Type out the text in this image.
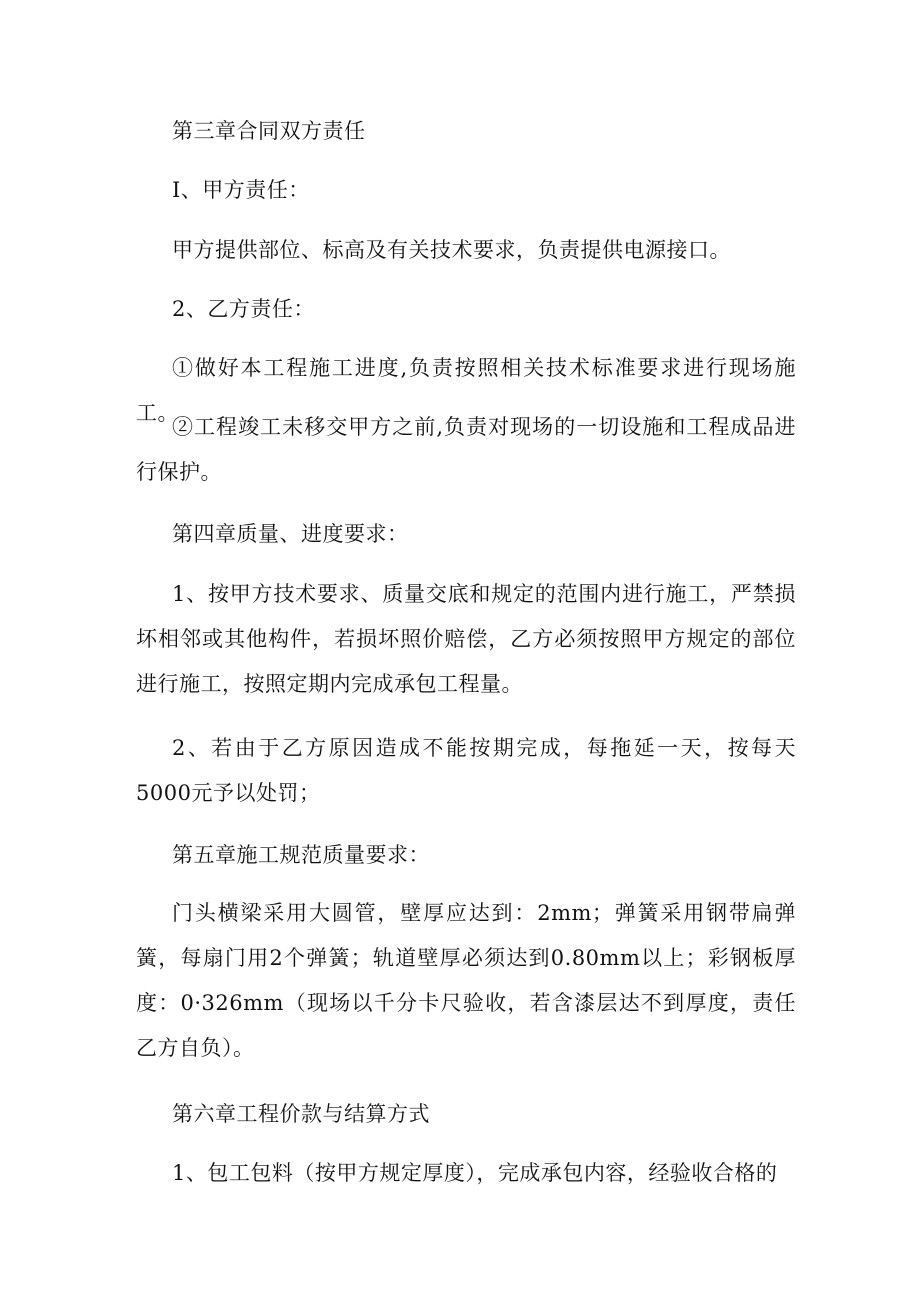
第三章合同双方责任

I、甲方责任：

甲方提供部位、标高及有关技术要求，负责提供电源接口。

2、乙方责任：

①做好本工程施工进度,负责按照相关技术标准要求进行现场施工。

②工程竣工未移交甲方之前,负责对现场的一切设施和工程成品进行保护。

第四章质量、进度要求：

1、按甲方技术要求、质量交底和规定的范围内进行施工，严禁损坏相邻或其他构件，若损坏照价赔偿，乙方必须按照甲方规定的部位进行施工，按照定期内完成承包工程量。

2、若由于乙方原因造成不能按期完成，每拖延一天，按每天5000元予以处罚；

第五章施工规范质量要求：

门头横梁采用大圆管，壁厚应达到：2mm；弹簧采用钢带扁弹簧，每扇门用2个弹簧；轨道壁厚必须达到0.80mm以上；彩钢板厚度：0·326mm（现场以千分卡尺验收，若含漆层达不到厚度，责任乙方自负）。

第六章工程价款与结算方式

1、包工包料（按甲方规定厚度），完成承包内容，经验收合格的
